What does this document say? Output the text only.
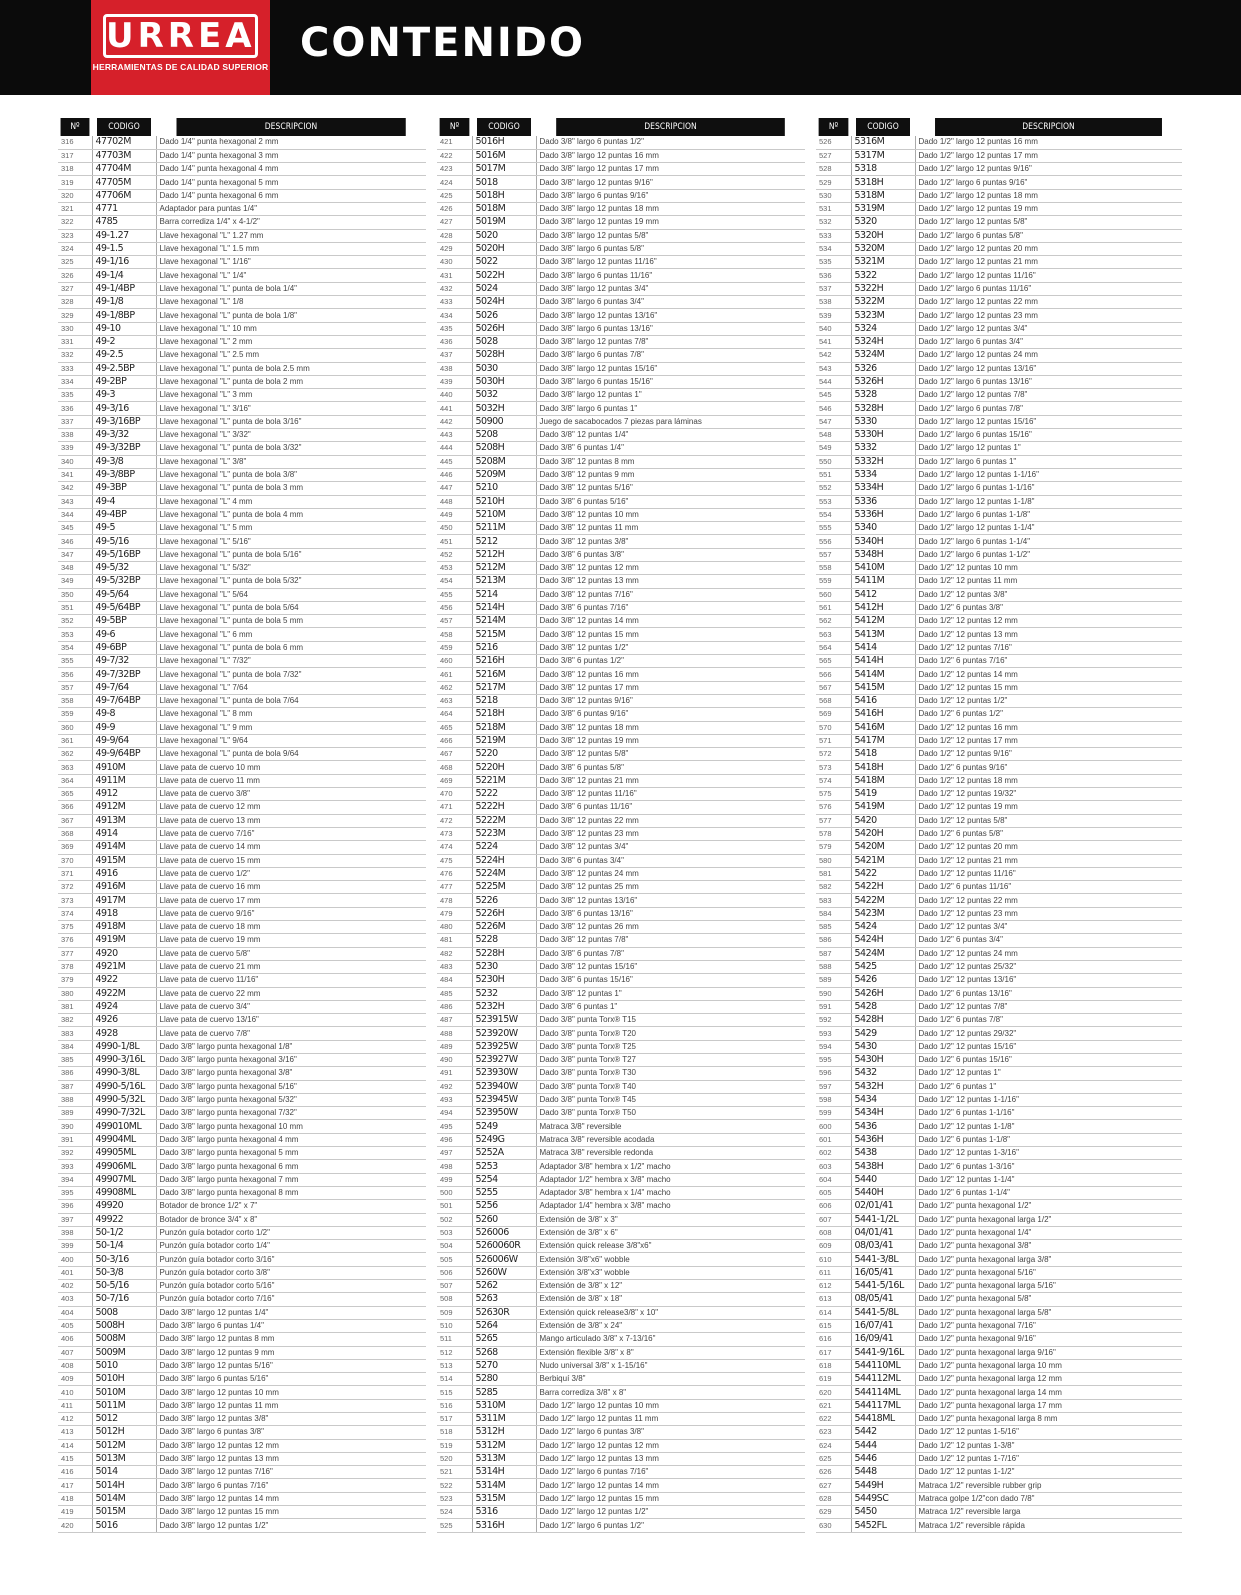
URREA
HERRAMIENTAS DE CALIDAD SUPERIOR
CONTENIDO
Nº	CODIGO	DESCRIPCION
316	47702M	Dado 1/4" punta hexagonal 2 mm
317	47703M	Dado 1/4" punta hexagonal 3 mm
318	47704M	Dado 1/4" punta hexagonal 4 mm
319	47705M	Dado 1/4" punta hexagonal 5 mm
320	47706M	Dado 1/4" punta hexagonal 6 mm
321	4771	Adaptador para puntas 1/4"
322	4785	Barra corrediza 1/4" x 4-1/2"
323	49-1.27	Llave hexagonal "L" 1.27 mm
324	49-1.5	Llave hexagonal "L" 1.5 mm
325	49-1/16	Llave hexagonal "L" 1/16"
326	49-1/4	Llave hexagonal "L" 1/4"
327	49-1/4BP	Llave hexagonal "L" punta de bola 1/4"
328	49-1/8	Llave hexagonal "L" 1/8
329	49-1/8BP	Llave hexagonal "L" punta de bola 1/8"
330	49-10	Llave hexagonal "L" 10 mm
331	49-2	Llave hexagonal "L" 2 mm
332	49-2.5	Llave hexagonal "L" 2.5 mm
333	49-2.5BP	Llave hexagonal "L" punta de bola 2.5 mm
334	49-2BP	Llave hexagonal "L" punta de bola 2 mm
335	49-3	Llave hexagonal "L" 3 mm
336	49-3/16	Llave hexagonal "L" 3/16"
337	49-3/16BP	Llave hexagonal "L" punta de bola 3/16"
338	49-3/32	Llave hexagonal "L" 3/32"
339	49-3/32BP	Llave hexagonal "L" punta de bola 3/32"
340	49-3/8	Llave hexagonal "L" 3/8"
341	49-3/8BP	Llave hexagonal "L" punta de bola 3/8"
342	49-3BP	Llave hexagonal "L" punta de bola 3 mm
343	49-4	Llave hexagonal "L" 4 mm
344	49-4BP	Llave hexagonal "L" punta de bola 4 mm
345	49-5	Llave hexagonal "L" 5 mm
346	49-5/16	Llave hexagonal "L" 5/16"
347	49-5/16BP	Llave hexagonal "L" punta de bola 5/16"
348	49-5/32	Llave hexagonal "L" 5/32"
349	49-5/32BP	Llave hexagonal "L" punta de bola 5/32"
350	49-5/64	Llave hexagonal "L" 5/64
351	49-5/64BP	Llave hexagonal "L" punta de bola 5/64
352	49-5BP	Llave hexagonal "L" punta de bola 5 mm
353	49-6	Llave hexagonal "L" 6 mm
354	49-6BP	Llave hexagonal "L" punta de bola 6 mm
355	49-7/32	Llave hexagonal "L" 7/32"
356	49-7/32BP	Llave hexagonal "L" punta de bola 7/32"
357	49-7/64	Llave hexagonal "L" 7/64
358	49-7/64BP	Llave hexagonal "L" punta de bola 7/64
359	49-8	Llave hexagonal "L" 8 mm
360	49-9	Llave hexagonal "L" 9 mm
361	49-9/64	Llave hexagonal "L" 9/64
362	49-9/64BP	Llave hexagonal "L" punta de bola 9/64
363	4910M	Llave pata de cuervo 10 mm
364	4911M	Llave pata de cuervo 11 mm
365	4912	Llave pata de cuervo 3/8"
366	4912M	Llave pata de cuervo 12 mm
367	4913M	Llave pata de cuervo 13 mm
368	4914	Llave pata de cuervo 7/16"
369	4914M	Llave pata de cuervo 14 mm
370	4915M	Llave pata de cuervo 15 mm
371	4916	Llave pata de cuervo 1/2"
372	4916M	Llave pata de cuervo 16 mm
373	4917M	Llave pata de cuervo 17 mm
374	4918	Llave pata de cuervo 9/16"
375	4918M	Llave pata de cuervo 18 mm
376	4919M	Llave pata de cuervo 19 mm
377	4920	Llave pata de cuervo 5/8"
378	4921M	Llave pata de cuervo 21 mm
379	4922	Llave pata de cuervo 11/16"
380	4922M	Llave pata de cuervo 22 mm
381	4924	Llave pata de cuervo 3/4"
382	4926	Llave pata de cuervo 13/16"
383	4928	Llave pata de cuervo 7/8"
384	4990-1/8L	Dado 3/8" largo punta hexagonal 1/8"
385	4990-3/16L	Dado 3/8" largo punta hexagonal 3/16"
386	4990-3/8L	Dado 3/8" largo punta hexagonal 3/8"
387	4990-5/16L	Dado 3/8" largo punta hexagonal 5/16"
388	4990-5/32L	Dado 3/8" largo punta hexagonal 5/32"
389	4990-7/32L	Dado 3/8" largo punta hexagonal 7/32"
390	499010ML	Dado 3/8" largo punta hexagonal 10 mm
391	49904ML	Dado 3/8" largo punta hexagonal 4 mm
392	49905ML	Dado 3/8" largo punta hexagonal 5 mm
393	49906ML	Dado 3/8" largo punta hexagonal 6 mm
394	49907ML	Dado 3/8" largo punta hexagonal 7 mm
395	49908ML	Dado 3/8" largo punta hexagonal 8 mm
396	49920	Botador de bronce 1/2" x 7"
397	49922	Botador de bronce 3/4" x 8"
398	50-1/2	Punzón guía botador corto 1/2"
399	50-1/4	Punzón guía botador corto 1/4"
400	50-3/16	Punzón guía botador corto 3/16"
401	50-3/8	Punzón guía botador corto 3/8"
402	50-5/16	Punzón guía botador corto 5/16"
403	50-7/16	Punzón guía botador corto 7/16"
404	5008	Dado 3/8" largo 12 puntas 1/4"
405	5008H	Dado 3/8" largo 6 puntas 1/4"
406	5008M	Dado 3/8" largo 12 puntas 8 mm
407	5009M	Dado 3/8" largo 12 puntas 9 mm
408	5010	Dado 3/8" largo 12 puntas 5/16"
409	5010H	Dado 3/8" largo 6 puntas 5/16"
410	5010M	Dado 3/8" largo 12 puntas 10 mm
411	5011M	Dado 3/8" largo 12 puntas 11 mm
412	5012	Dado 3/8" largo 12 puntas 3/8"
413	5012H	Dado 3/8" largo 6 puntas 3/8"
414	5012M	Dado 3/8" largo 12 puntas 12 mm
415	5013M	Dado 3/8" largo 12 puntas 13 mm
416	5014	Dado 3/8" largo 12 puntas 7/16"
417	5014H	Dado 3/8" largo 6 puntas 7/16"
418	5014M	Dado 3/8" largo 12 puntas 14 mm
419	5015M	Dado 3/8" largo 12 puntas 15 mm
420	5016	Dado 3/8" largo 12 puntas 1/2"
Nº	CODIGO	DESCRIPCION
421	5016H	Dado 3/8" largo 6 puntas 1/2"
422	5016M	Dado 3/8" largo 12 puntas 16 mm
423	5017M	Dado 3/8" largo 12 puntas 17 mm
424	5018	Dado 3/8" largo 12 puntas 9/16"
425	5018H	Dado 3/8" largo 6 puntas 9/16"
426	5018M	Dado 3/8" largo 12 puntas 18 mm
427	5019M	Dado 3/8" largo 12 puntas 19 mm
428	5020	Dado 3/8" largo 12 puntas 5/8"
429	5020H	Dado 3/8" largo 6 puntas 5/8"
430	5022	Dado 3/8" largo 12 puntas 11/16"
431	5022H	Dado 3/8" largo 6 puntas 11/16"
432	5024	Dado 3/8" largo 12 puntas 3/4"
433	5024H	Dado 3/8" largo 6 puntas 3/4"
434	5026	Dado 3/8" largo 12 puntas 13/16"
435	5026H	Dado 3/8" largo 6 puntas 13/16"
436	5028	Dado 3/8" largo 12 puntas 7/8"
437	5028H	Dado 3/8" largo 6 puntas 7/8"
438	5030	Dado 3/8" largo 12 puntas 15/16"
439	5030H	Dado 3/8" largo 6 puntas 15/16"
440	5032	Dado 3/8" largo 12 puntas 1"
441	5032H	Dado 3/8" largo 6 puntas 1"
442	50900	Juego de sacabocados 7 piezas para láminas
443	5208	Dado 3/8" 12 puntas 1/4"
444	5208H	Dado 3/8" 6 puntas 1/4"
445	5208M	Dado 3/8" 12 puntas 8 mm
446	5209M	Dado 3/8" 12 puntas 9 mm
447	5210	Dado 3/8" 12 puntas 5/16"
448	5210H	Dado 3/8" 6 puntas 5/16"
449	5210M	Dado 3/8" 12 puntas 10 mm
450	5211M	Dado 3/8" 12 puntas 11 mm
451	5212	Dado 3/8" 12 puntas 3/8"
452	5212H	Dado 3/8" 6 puntas 3/8"
453	5212M	Dado 3/8" 12 puntas 12 mm
454	5213M	Dado 3/8" 12 puntas 13 mm
455	5214	Dado 3/8" 12 puntas 7/16"
456	5214H	Dado 3/8" 6 puntas 7/16"
457	5214M	Dado 3/8" 12 puntas 14 mm
458	5215M	Dado 3/8" 12 puntas 15 mm
459	5216	Dado 3/8" 12 puntas 1/2"
460	5216H	Dado 3/8" 6 puntas 1/2"
461	5216M	Dado 3/8" 12 puntas 16 mm
462	5217M	Dado 3/8" 12 puntas 17 mm
463	5218	Dado 3/8" 12 puntas 9/16"
464	5218H	Dado 3/8" 6 puntas 9/16"
465	5218M	Dado 3/8" 12 puntas 18 mm
466	5219M	Dado 3/8" 12 puntas 19 mm
467	5220	Dado 3/8" 12 puntas 5/8"
468	5220H	Dado 3/8" 6 puntas 5/8"
469	5221M	Dado 3/8" 12 puntas 21 mm
470	5222	Dado 3/8" 12 puntas 11/16"
471	5222H	Dado 3/8" 6 puntas 11/16"
472	5222M	Dado 3/8" 12 puntas 22 mm
473	5223M	Dado 3/8" 12 puntas 23 mm
474	5224	Dado 3/8" 12 puntas 3/4"
475	5224H	Dado 3/8" 6 puntas 3/4"
476	5224M	Dado 3/8" 12 puntas 24 mm
477	5225M	Dado 3/8" 12 puntas 25 mm
478	5226	Dado 3/8" 12 puntas 13/16"
479	5226H	Dado 3/8" 6 puntas 13/16"
480	5226M	Dado 3/8" 12 puntas 26 mm
481	5228	Dado 3/8" 12 puntas 7/8"
482	5228H	Dado 3/8" 6 puntas 7/8"
483	5230	Dado 3/8" 12 puntas 15/16"
484	5230H	Dado 3/8" 6 puntas 15/16"
485	5232	Dado 3/8" 12 puntas 1"
486	5232H	Dado 3/8" 6 puntas 1"
487	523915W	Dado 3/8" punta Torx® T15
488	523920W	Dado 3/8" punta Torx® T20
489	523925W	Dado 3/8" punta Torx® T25
490	523927W	Dado 3/8" punta Torx® T27
491	523930W	Dado 3/8" punta Torx® T30
492	523940W	Dado 3/8" punta Torx® T40
493	523945W	Dado 3/8" punta Torx® T45
494	523950W	Dado 3/8" punta Torx® T50
495	5249	Matraca 3/8" reversible
496	5249G	Matraca 3/8" reversible acodada
497	5252A	Matraca 3/8" reversible redonda
498	5253	Adaptador 3/8" hembra x 1/2" macho
499	5254	Adaptador 1/2" hembra x 3/8" macho
500	5255	Adaptador 3/8" hembra x 1/4" macho
501	5256	Adaptador 1/4" hembra x 3/8" macho
502	5260	Extensión de 3/8" x 3"
503	526006	Extensión de 3/8" x 6"
504	5260060R	Extensión quick release 3/8"x6"
505	526006W	Extensión 3/8"x6" wobble
506	5260W	Extensión 3/8"x3" wobble
507	5262	Extensión de 3/8" x 12"
508	5263	Extensión de 3/8" x 18"
509	52630R	Extensión quick release3/8" x 10"
510	5264	Extensión de 3/8" x 24"
511	5265	Mango articulado 3/8" x 7-13/16"
512	5268	Extensión flexible 3/8" x 8"
513	5270	Nudo universal 3/8" x 1-15/16"
514	5280	Berbiquí 3/8"
515	5285	Barra corrediza 3/8" x 8"
516	5310M	Dado 1/2" largo 12 puntas 10 mm
517	5311M	Dado 1/2" largo 12 puntas 11 mm
518	5312H	Dado 1/2" largo 6 puntas 3/8"
519	5312M	Dado 1/2" largo 12 puntas 12 mm
520	5313M	Dado 1/2" largo 12 puntas 13 mm
521	5314H	Dado 1/2" largo 6 puntas 7/16"
522	5314M	Dado 1/2" largo 12 puntas 14 mm
523	5315M	Dado 1/2" largo 12 puntas 15 mm
524	5316	Dado 1/2" largo 12 puntas 1/2"
525	5316H	Dado 1/2" largo 6 puntas 1/2"
Nº	CODIGO	DESCRIPCION
526	5316M	Dado 1/2" largo 12 puntas 16 mm
527	5317M	Dado 1/2" largo 12 puntas 17 mm
528	5318	Dado 1/2" largo 12 puntas 9/16"
529	5318H	Dado 1/2" largo 6 puntas 9/16"
530	5318M	Dado 1/2" largo 12 puntas 18 mm
531	5319M	Dado 1/2" largo 12 puntas 19 mm
532	5320	Dado 1/2" largo 12 puntas 5/8"
533	5320H	Dado 1/2" largo 6 puntas 5/8"
534	5320M	Dado 1/2" largo 12 puntas 20 mm
535	5321M	Dado 1/2" largo 12 puntas 21 mm
536	5322	Dado 1/2" largo 12 puntas 11/16"
537	5322H	Dado 1/2" largo 6 puntas 11/16"
538	5322M	Dado 1/2" largo 12 puntas 22 mm
539	5323M	Dado 1/2" largo 12 puntas 23 mm
540	5324	Dado 1/2" largo 12 puntas 3/4"
541	5324H	Dado 1/2" largo 6 puntas 3/4"
542	5324M	Dado 1/2" largo 12 puntas 24 mm
543	5326	Dado 1/2" largo 12 puntas 13/16"
544	5326H	Dado 1/2" largo 6 puntas 13/16"
545	5328	Dado 1/2" largo 12 puntas 7/8"
546	5328H	Dado 1/2" largo 6 puntas 7/8"
547	5330	Dado 1/2" largo 12 puntas 15/16"
548	5330H	Dado 1/2" largo 6 puntas 15/16"
549	5332	Dado 1/2" largo 12 puntas 1"
550	5332H	Dado 1/2" largo 6 puntas 1"
551	5334	Dado 1/2" largo 12 puntas 1-1/16"
552	5334H	Dado 1/2" largo 6 puntas 1-1/16"
553	5336	Dado 1/2" largo 12 puntas 1-1/8"
554	5336H	Dado 1/2" largo 6 puntas 1-1/8"
555	5340	Dado 1/2" largo 12 puntas 1-1/4"
556	5340H	Dado 1/2" largo 6 puntas 1-1/4"
557	5348H	Dado 1/2" largo 6 puntas 1-1/2"
558	5410M	Dado 1/2" 12 puntas 10 mm
559	5411M	Dado 1/2" 12 puntas 11 mm
560	5412	Dado 1/2" 12 puntas 3/8"
561	5412H	Dado 1/2" 6 puntas 3/8"
562	5412M	Dado 1/2" 12 puntas 12 mm
563	5413M	Dado 1/2" 12 puntas 13 mm
564	5414	Dado 1/2" 12 puntas 7/16"
565	5414H	Dado 1/2" 6 puntas 7/16"
566	5414M	Dado 1/2" 12 puntas 14 mm
567	5415M	Dado 1/2" 12 puntas 15 mm
568	5416	Dado 1/2" 12 puntas 1/2"
569	5416H	Dado 1/2" 6 puntas 1/2"
570	5416M	Dado 1/2" 12 puntas 16 mm
571	5417M	Dado 1/2" 12 puntas 17 mm
572	5418	Dado 1/2" 12 puntas 9/16"
573	5418H	Dado 1/2" 6 puntas 9/16"
574	5418M	Dado 1/2" 12 puntas 18 mm
575	5419	Dado 1/2" 12 puntas 19/32"
576	5419M	Dado 1/2" 12 puntas 19 mm
577	5420	Dado 1/2" 12 puntas 5/8"
578	5420H	Dado 1/2" 6 puntas 5/8"
579	5420M	Dado 1/2" 12 puntas 20 mm
580	5421M	Dado 1/2" 12 puntas 21 mm
581	5422	Dado 1/2" 12 puntas 11/16"
582	5422H	Dado 1/2" 6 puntas 11/16"
583	5422M	Dado 1/2" 12 puntas 22 mm
584	5423M	Dado 1/2" 12 puntas 23 mm
585	5424	Dado 1/2" 12 puntas 3/4"
586	5424H	Dado 1/2" 6 puntas 3/4"
587	5424M	Dado 1/2" 12 puntas 24 mm
588	5425	Dado 1/2" 12 puntas 25/32"
589	5426	Dado 1/2" 12 puntas 13/16"
590	5426H	Dado 1/2" 6 puntas 13/16"
591	5428	Dado 1/2" 12 puntas 7/8"
592	5428H	Dado 1/2" 6 puntas 7/8"
593	5429	Dado 1/2" 12 puntas 29/32"
594	5430	Dado 1/2" 12 puntas 15/16"
595	5430H	Dado 1/2" 6 puntas 15/16"
596	5432	Dado 1/2" 12 puntas 1"
597	5432H	Dado 1/2" 6 puntas 1"
598	5434	Dado 1/2" 12 puntas 1-1/16"
599	5434H	Dado 1/2" 6 puntas 1-1/16"
600	5436	Dado 1/2" 12 puntas 1-1/8"
601	5436H	Dado 1/2" 6 puntas 1-1/8"
602	5438	Dado 1/2" 12 puntas 1-3/16"
603	5438H	Dado 1/2" 6 puntas 1-3/16"
604	5440	Dado 1/2" 12 puntas 1-1/4"
605	5440H	Dado 1/2" 6 puntas 1-1/4"
606	02/01/41	Dado 1/2" punta hexagonal 1/2"
607	5441-1/2L	Dado 1/2" punta hexagonal larga 1/2"
608	04/01/41	Dado 1/2" punta hexagonal 1/4"
609	08/03/41	Dado 1/2" punta hexagonal 3/8"
610	5441-3/8L	Dado 1/2" punta hexagonal larga 3/8"
611	16/05/41	Dado 1/2" punta hexagonal 5/16"
612	5441-5/16L	Dado 1/2" punta hexagonal larga 5/16"
613	08/05/41	Dado 1/2" punta hexagonal 5/8"
614	5441-5/8L	Dado 1/2" punta hexagonal larga 5/8"
615	16/07/41	Dado 1/2" punta hexagonal 7/16"
616	16/09/41	Dado 1/2" punta hexagonal 9/16"
617	5441-9/16L	Dado 1/2" punta hexagonal larga 9/16"
618	544110ML	Dado 1/2" punta hexagonal larga 10 mm
619	544112ML	Dado 1/2" punta hexagonal larga 12 mm
620	544114ML	Dado 1/2" punta hexagonal larga 14 mm
621	544117ML	Dado 1/2" punta hexagonal larga 17 mm
622	54418ML	Dado 1/2" punta hexagonal larga 8 mm
623	5442	Dado 1/2" 12 puntas 1-5/16"
624	5444	Dado 1/2" 12 puntas 1-3/8"
625	5446	Dado 1/2" 12 puntas 1-7/16"
626	5448	Dado 1/2" 12 puntas 1-1/2"
627	5449H	Matraca 1/2" reversible rubber grip
628	5449SC	Matraca golpe 1/2"con dado 7/8"
629	5450	Matraca 1/2" reversible larga
630	5452FL	Matraca 1/2" reversible rápida
